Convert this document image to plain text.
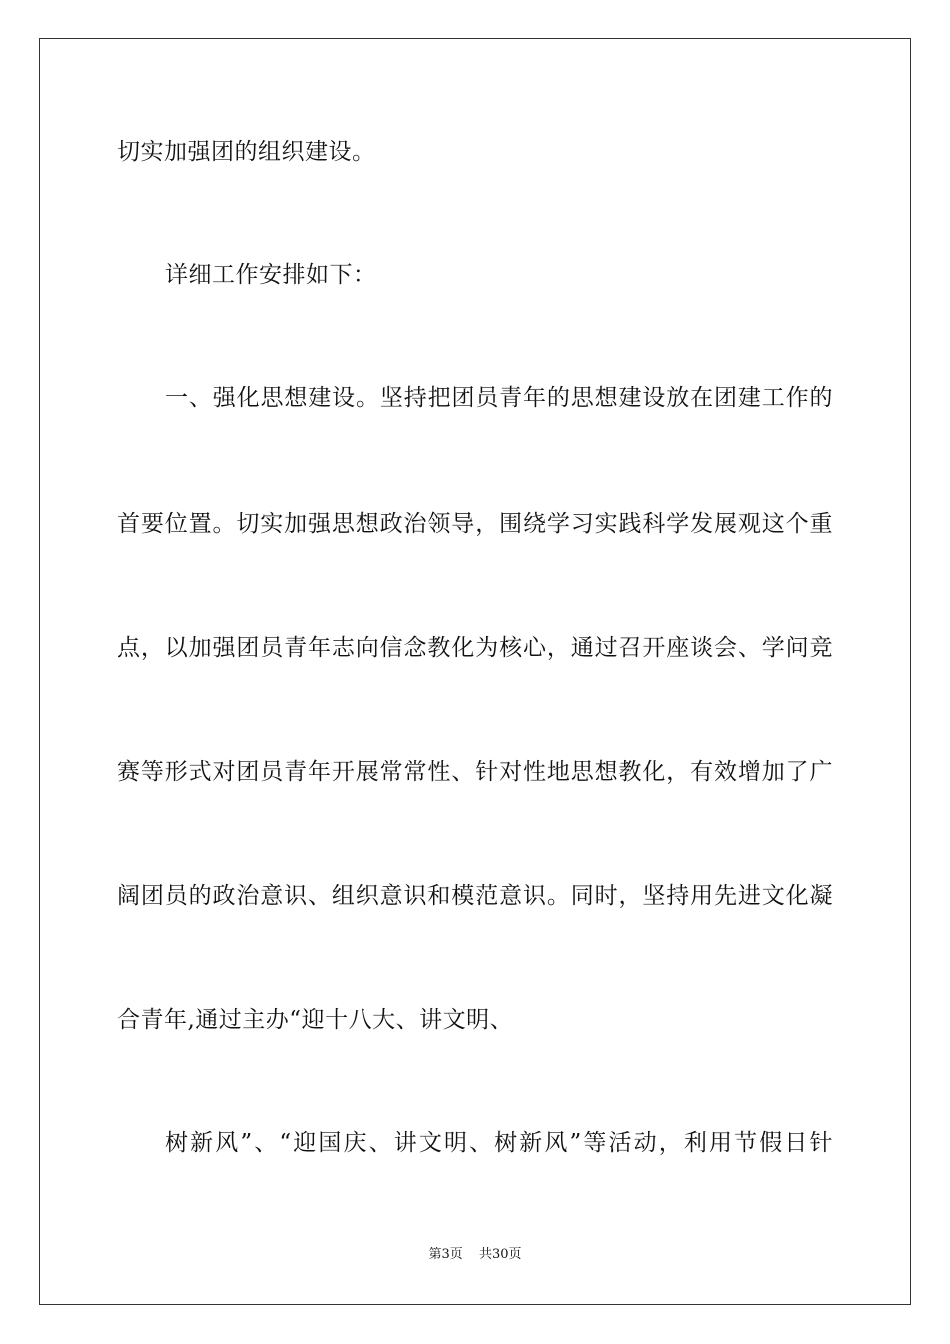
切实加强团的组织建设。
详细工作安排如下：
一、强化思想建设。坚持把团员青年的思想建设放在团建工作的
首要位置。切实加强思想政治领导，围绕学习实践科学发展观这个重
点，以加强团员青年志向信念教化为核心，通过召开座谈会、学问竞
赛等形式对团员青年开展常常性、针对性地思想教化，有效增加了广
阔团员的政治意识、组织意识和模范意识。同时，坚持用先进文化凝
合青年,通过主办“迎十八大、讲文明、
树新风”、“迎国庆、讲文明、树新风”等活动，利用节假日针
第3页 共30页
